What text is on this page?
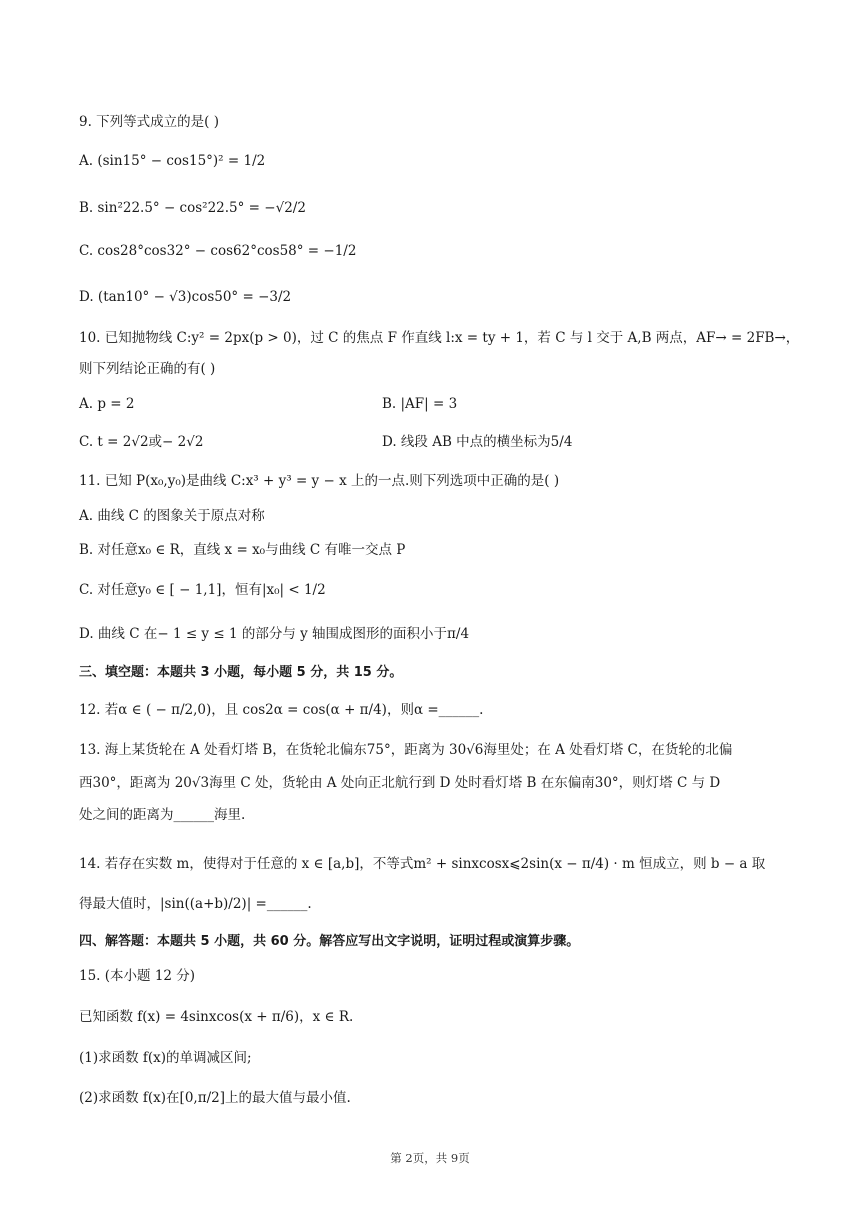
9. 下列等式成立的是( )
A. (sin15° − cos15°)² = 1/2
B. sin²22.5° − cos²22.5° = −√2/2
C. cos28°cos32° − cos62°cos58° = −1/2
D. (tan10° − √3)cos50° = −3/2
10. 已知抛物线 C:y² = 2px(p > 0)，过 C 的焦点 F 作直线 l:x = ty + 1，若 C 与 l 交于 A,B 两点，AF→ = 2FB→，
则下列结论正确的有( )
A. p = 2	B. |AF| = 3
C. t = 2√2或− 2√2	D. 线段 AB 中点的横坐标为5/4
11. 已知 P(x₀,y₀)是曲线 C:x³ + y³ = y − x 上的一点.则下列选项中正确的是( )
A. 曲线 C 的图象关于原点对称
B. 对任意x₀ ∈ R，直线 x = x₀与曲线 C 有唯一交点 P
C. 对任意y₀ ∈ [ − 1,1]，恒有|x₀| < 1/2
D. 曲线 C 在− 1 ≤ y ≤ 1 的部分与 y 轴围成图形的面积小于π/4
三、填空题：本题共 3 小题，每小题 5 分，共 15 分。
12. 若α ∈ ( − π/2,0)，且 cos2α = cos(α + π/4)，则α =______.
13. 海上某货轮在 A 处看灯塔 B，在货轮北偏东75°，距离为 30√6海里处；在 A 处看灯塔 C，在货轮的北偏
西30°，距离为 20√3海里 C 处，货轮由 A 处向正北航行到 D 处时看灯塔 B 在东偏南30°，则灯塔 C 与 D
处之间的距离为______海里.
14. 若存在实数 m，使得对于任意的 x ∈ [a,b]，不等式m² + sinxcosx⩽2sin(x − π/4) · m 恒成立，则 b − a 取
得最大值时，|sin((a+b)/2)| =______.
四、解答题：本题共 5 小题，共 60 分。解答应写出文字说明，证明过程或演算步骤。
15. (本小题 12 分)
已知函数 f(x) = 4sinxcos(x + π/6)，x ∈ R.
(1)求函数 f(x)的单调减区间;
(2)求函数 f(x)在[0,π/2]上的最大值与最小值.
第 2页，共 9页
